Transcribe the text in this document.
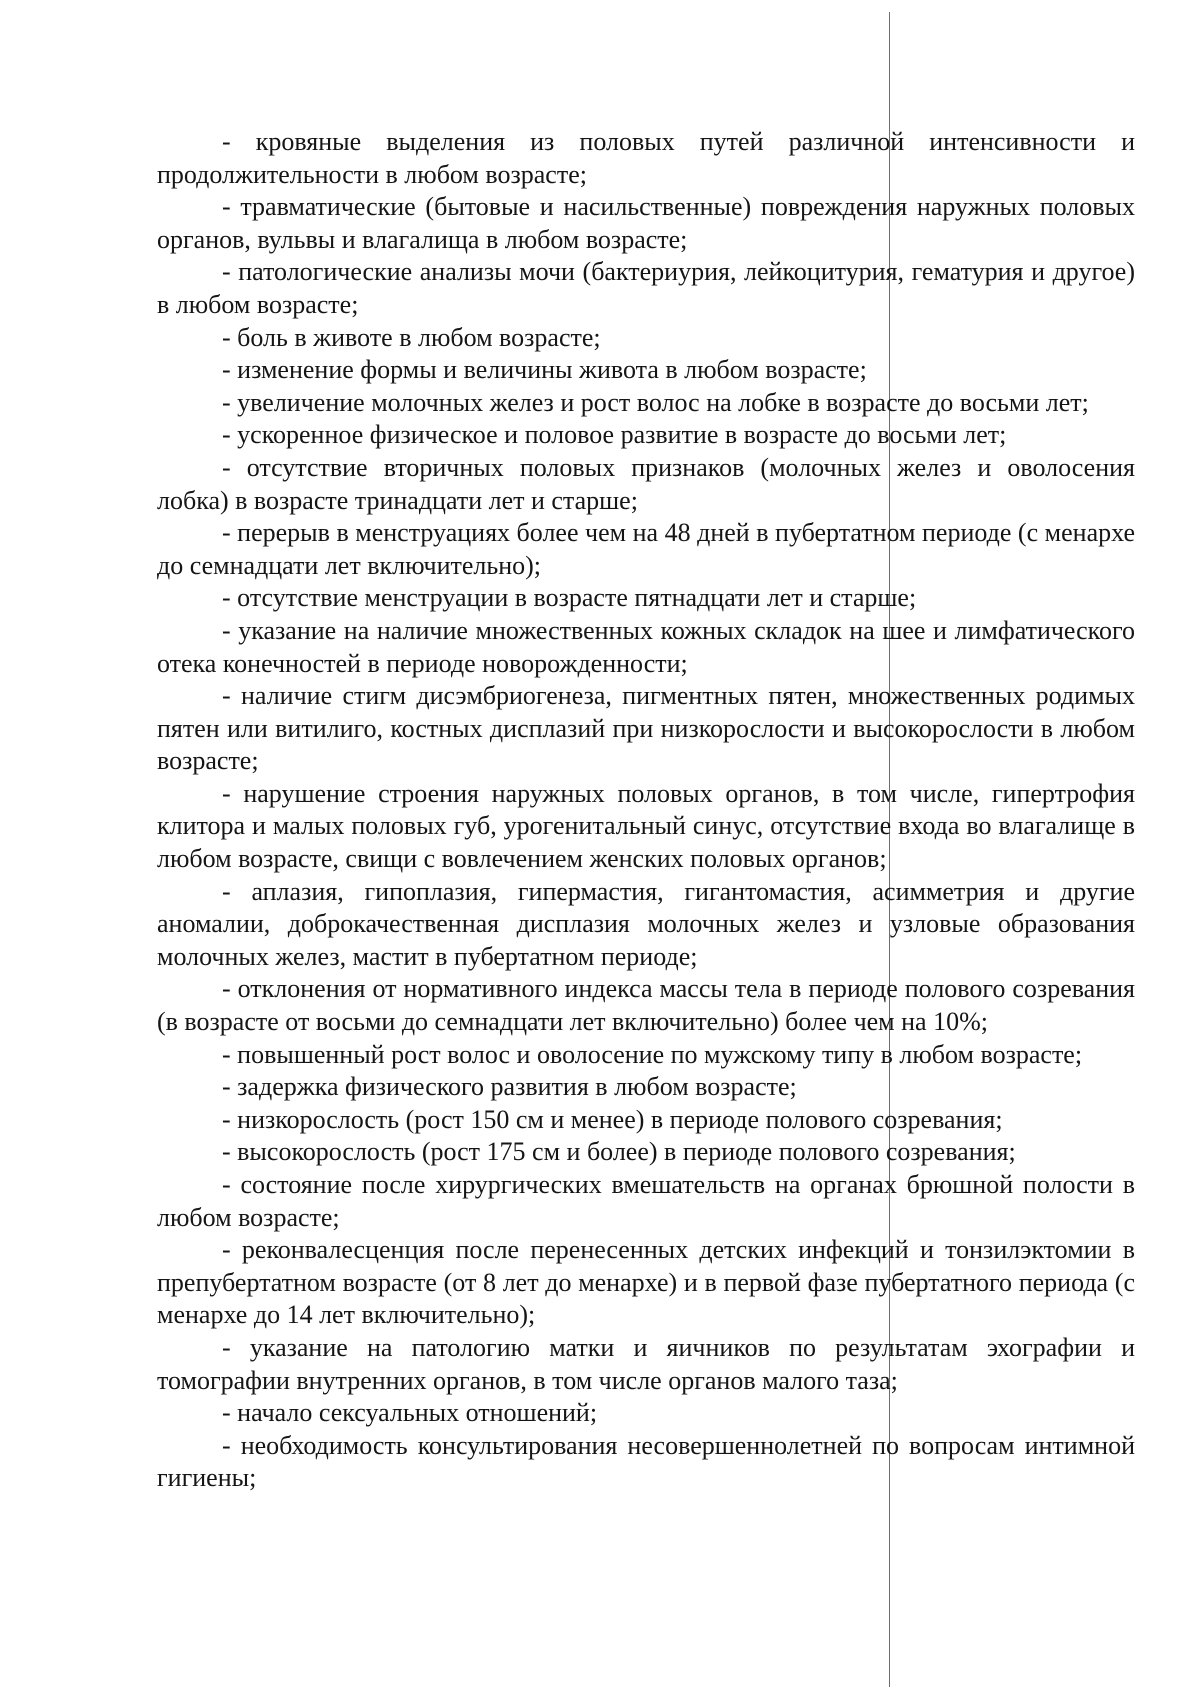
- кровяные выделения из половых путей различной интенсивности и продолжительности в любом возрасте;

- травматические (бытовые и насильственные) повреждения наружных половых органов, вульвы и влагалища в любом возрасте;

- патологические анализы мочи (бактериурия, лейкоцитурия, гематурия и другое) в любом возрасте;

- боль в животе в любом возрасте;

- изменение формы и величины живота в любом возрасте;

- увеличение молочных желез и рост волос на лобке в возрасте до восьми лет;

- ускоренное физическое и половое развитие в возрасте до восьми лет;

- отсутствие вторичных половых признаков (молочных желез и оволосения лобка) в возрасте тринадцати лет и старше;

- перерыв в менструациях более чем на 48 дней в пубертатном периоде (с менархе до семнадцати лет включительно);

- отсутствие менструации в возрасте пятнадцати лет и старше;

- указание на наличие множественных кожных складок на шее и лимфатического отека конечностей в периоде новорожденности;

- наличие стигм дисэмбриогенеза, пигментных пятен, множественных родимых пятен или витилиго, костных дисплазий при низкорослости и высокорослости в любом возрасте;

- нарушение строения наружных половых органов, в том числе, гипертрофия клитора и малых половых губ, урогенитальный синус, отсутствие входа во влагалище в любом возрасте, свищи с вовлечением женских половых органов;

- аплазия, гипоплазия, гипермастия, гигантомастия, асимметрия и другие аномалии, доброкачественная дисплазия молочных желез и узловые образования молочных желез, мастит в пубертатном периоде;

- отклонения от нормативного индекса массы тела в периоде полового созревания (в возрасте от восьми до семнадцати лет включительно) более чем на 10%;

- повышенный рост волос и оволосение по мужскому типу в любом возрасте;

- задержка физического развития в любом возрасте;

- низкорослость (рост 150 см и менее) в периоде полового созревания;

- высокорослость (рост 175 см и более) в периоде полового созревания;

- состояние после хирургических вмешательств на органах брюшной полости в любом возрасте;

- реконвалесценция после перенесенных детских инфекций и тонзилэктомии в препубертатном возрасте (от 8 лет до менархе) и в первой фазе пубертатного периода (с менархе до 14 лет включительно);

- указание на патологию матки и яичников по результатам эхографии и томографии внутренних органов, в том числе органов малого таза;

- начало сексуальных отношений;

- необходимость консультирования несовершеннолетней по вопросам интимной гигиены;
